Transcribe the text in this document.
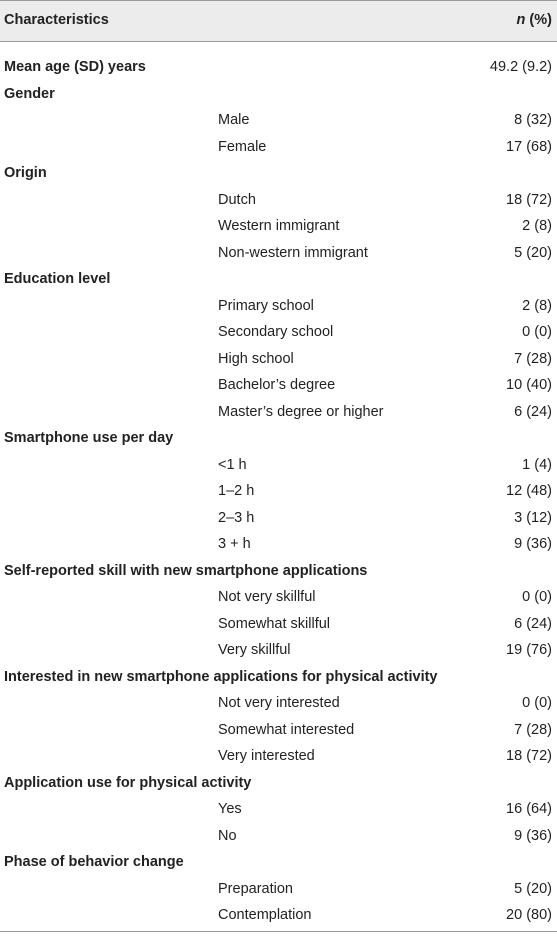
Characteristics	n (%)
Mean age (SD) years	49.2 (9.2)
Gender
Male	8 (32)
Female	17 (68)
Origin
Dutch	18 (72)
Western immigrant	2 (8)
Non-western immigrant	5 (20)
Education level
Primary school	2 (8)
Secondary school	0 (0)
High school	7 (28)
Bachelor’s degree	10 (40)
Master’s degree or higher	6 (24)
Smartphone use per day
<1 h	1 (4)
1–2 h	12 (48)
2–3 h	3 (12)
3 + h	9 (36)
Self-reported skill with new smartphone applications
Not very skillful	0 (0)
Somewhat skillful	6 (24)
Very skillful	19 (76)
Interested in new smartphone applications for physical activity
Not very interested	0 (0)
Somewhat interested	7 (28)
Very interested	18 (72)
Application use for physical activity
Yes	16 (64)
No	9 (36)
Phase of behavior change
Preparation	5 (20)
Contemplation	20 (80)
